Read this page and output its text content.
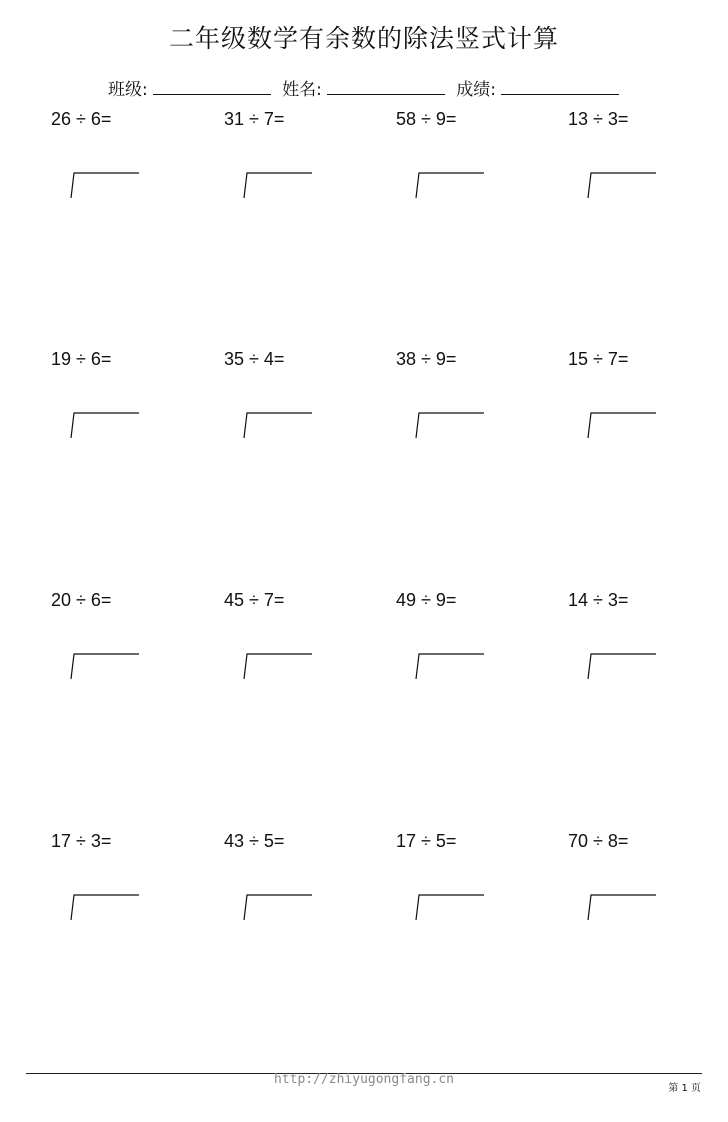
二年级数学有余数的除法竖式计算
班级:	姓名:	成绩:
26 ÷ 6=	31 ÷ 7=	58 ÷ 9=	13 ÷ 3=
19 ÷ 6=	35 ÷ 4=	38 ÷ 9=	15 ÷ 7=
20 ÷ 6=	45 ÷ 7=	49 ÷ 9=	14 ÷ 3=
17 ÷ 3=	43 ÷ 5=	17 ÷ 5=	70 ÷ 8=
http://zhiyugongfang.cn
第 1 页
